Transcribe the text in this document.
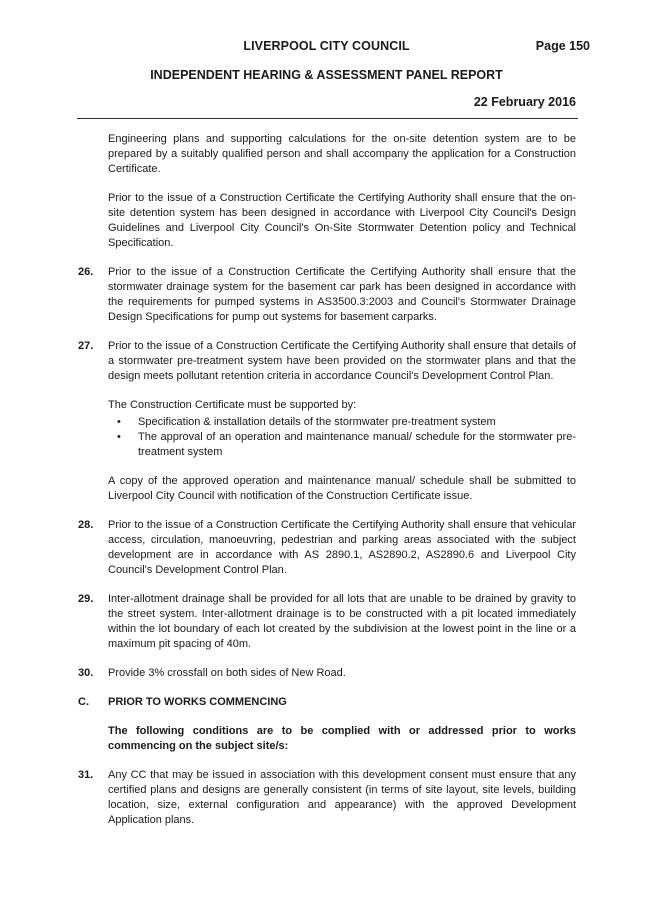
LIVERPOOL CITY COUNCIL	Page 150
INDEPENDENT HEARING & ASSESSMENT PANEL REPORT
22 February 2016
Engineering plans and supporting calculations for the on-site detention system are to be prepared by a suitably qualified person and shall accompany the application for a Construction Certificate.
Prior to the issue of a Construction Certificate the Certifying Authority shall ensure that the on-site detention system has been designed in accordance with Liverpool City Council's Design Guidelines and Liverpool City Council's On-Site Stormwater Detention policy and Technical Specification.
26. Prior to the issue of a Construction Certificate the Certifying Authority shall ensure that the stormwater drainage system for the basement car park has been designed in accordance with the requirements for pumped systems in AS3500.3:2003 and Council's Stormwater Drainage Design Specifications for pump out systems for basement carparks.
27. Prior to the issue of a Construction Certificate the Certifying Authority shall ensure that details of a stormwater pre-treatment system have been provided on the stormwater plans and that the design meets pollutant retention criteria in accordance Council's Development Control Plan.
The Construction Certificate must be supported by:
• Specification & installation details of the stormwater pre-treatment system
• The approval of an operation and maintenance manual/ schedule for the stormwater pre-treatment system
A copy of the approved operation and maintenance manual/ schedule shall be submitted to Liverpool City Council with notification of the Construction Certificate issue.
28. Prior to the issue of a Construction Certificate the Certifying Authority shall ensure that vehicular access, circulation, manoeuvring, pedestrian and parking areas associated with the subject development are in accordance with AS 2890.1, AS2890.2, AS2890.6 and Liverpool City Council's Development Control Plan.
29. Inter-allotment drainage shall be provided for all lots that are unable to be drained by gravity to the street system. Inter-allotment drainage is to be constructed with a pit located immediately within the lot boundary of each lot created by the subdivision at the lowest point in the line or a maximum pit spacing of 40m.
30. Provide 3% crossfall on both sides of New Road.
C. PRIOR TO WORKS COMMENCING
The following conditions are to be complied with or addressed prior to works commencing on the subject site/s:
31. Any CC that may be issued in association with this development consent must ensure that any certified plans and designs are generally consistent (in terms of site layout, site levels, building location, size, external configuration and appearance) with the approved Development Application plans.
